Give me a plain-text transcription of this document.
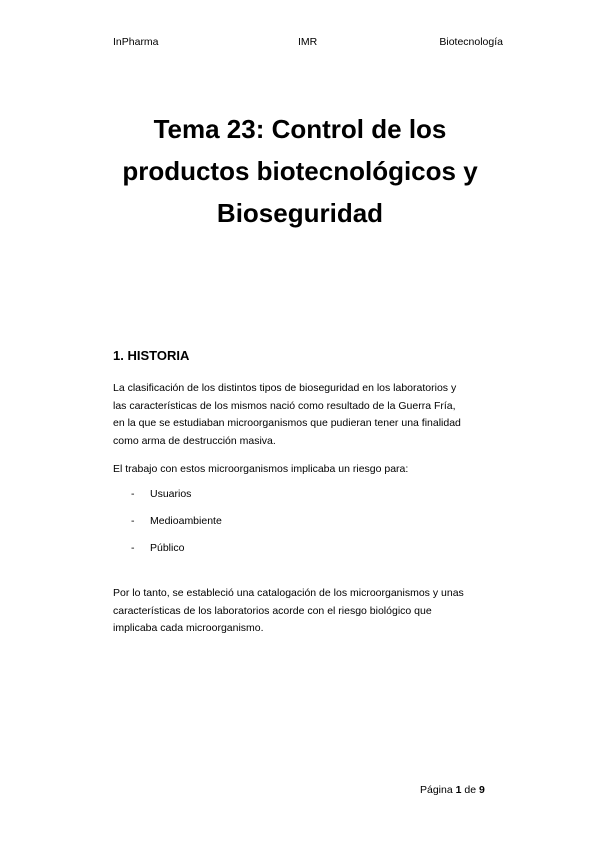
InPharma	IMR	Biotecnología
Tema 23: Control de los
productos biotecnológicos y
Bioseguridad
1. HISTORIA

La clasificación de los distintos tipos de bioseguridad en los laboratorios y
las características de los mismos nació como resultado de la Guerra Fría,
en la que se estudiaban microorganismos que pudieran tener una finalidad
como arma de destrucción masiva.

El trabajo con estos microorganismos implicaba un riesgo para:

- Usuarios
- Medioambiente
- Público

Por lo tanto, se estableció una catalogación de los microorganismos y unas
características de los laboratorios acorde con el riesgo biológico que
implicaba cada microorganismo.

Página 1 de 9
